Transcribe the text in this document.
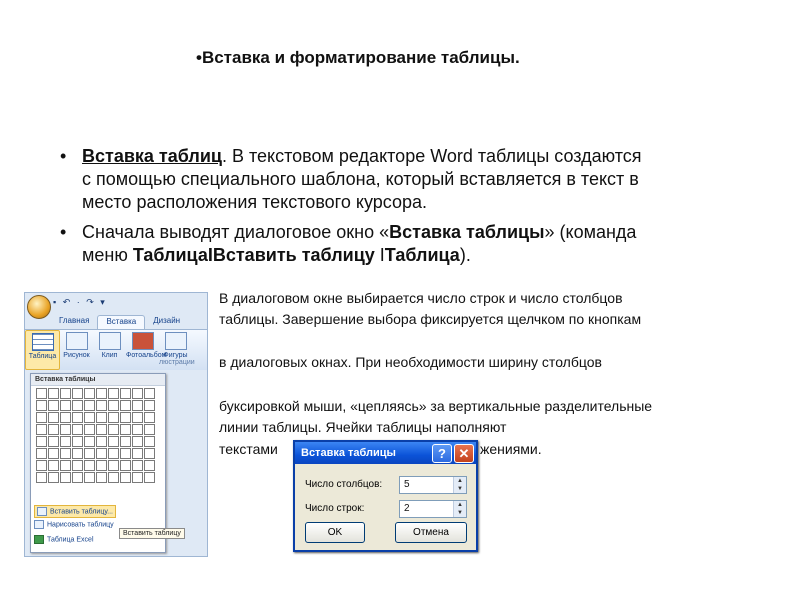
•Вставка и форматирование таблицы.
• Вставка таблиц. В текстовом редакторе Word таблицы создаются
с помощью специального шаблона, который вставляется в текст в
место расположения текстового курсора.
• Сначала выводят диалоговое окно «Вставка таблицы» (команда
меню ТаблицаIВставить таблицу IТаблица).
▪ ↶ · ↷ ▾
Главная	Вставка	Дизайн
Таблица	Рисунок	Клип	Фотоальбом
Фигуры
люстрации
Вставка таблицы
Вставить таблицу...
Нарисовать таблицу
Таблица Excel
Вставить таблицу
В диалоговом окне выбирается число строк и число столбцов
таблицы. Завершение выбора фиксируется щелчком по кнопкам
в диалоговых окнах. При необходимости ширину столбцов
буксировкой мыши, «цепляясь» за вертикальные разделительные
линии таблицы. Ячейки таблицы наполняют
текстами	жениями.
Вставка таблицы	? ✕
Число столбцов: 5	▲
▼
Число строк:	2	▲
▼
OK	Отмена
